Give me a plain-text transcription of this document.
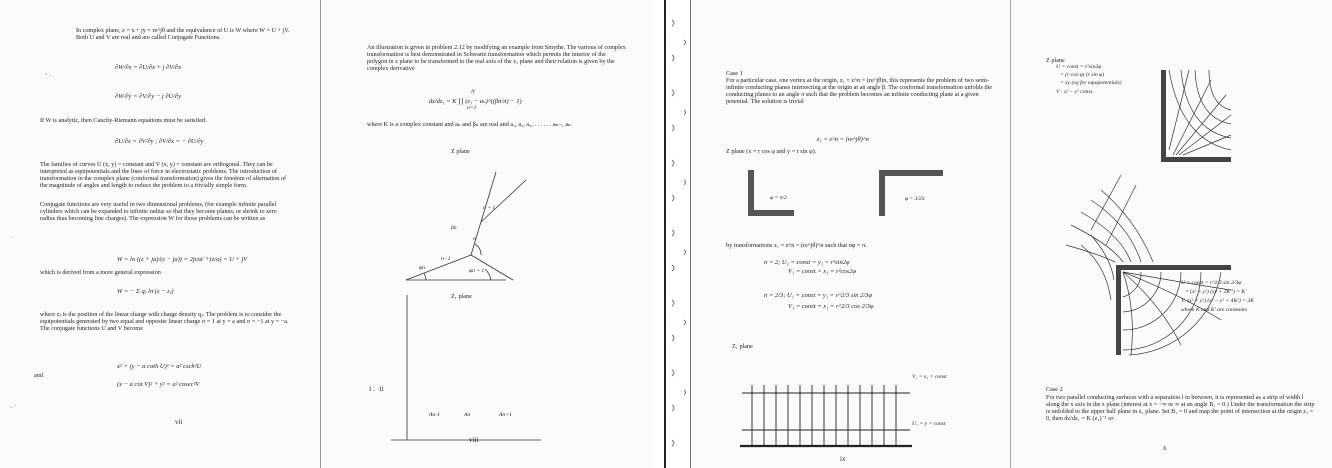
In complex plane, z = x + jy = re^jθ and the equivalence of U is W where W = U + jV. Both U and V are real and are called Conjugate Functions.
∂W/∂x = ∂U/∂x + j ∂V/∂x
∂W/∂y = ∂V/∂y − j ∂U/∂y
If W is analytic, then Cauchy-Riemann equations must be satisfied.
∂U/∂x = ∂V/∂y ; ∂V/∂x = − ∂U/∂y
The families of curves U (x, y) = constant and V (x, y) = constant are orthogonal. They can be interpreted as equipotentials and the lines of force in electrostatic problems. The introduction of transformation in the complex plane (conformal transformation) gives the freedom of alternation of the magnitude of angles and length to reduce the problem to a trivially simple form.
Conjugate functions are very useful in two dimensional problems, (for example infinite parallel cylinders which can be expanded to infinite radius so that they become planes; or shrink to zero radius thus becoming line charges). The expression W for those problems can be written as
W = ln ((z + ja)/(z − ja)) = 2jcot⁻¹ (z/a) = U + jV
which is derived from a more general expression
W = − Σ qⱼ ln (z − zⱼ)
where zⱼ is the position of the linear charge with charge density qⱼ. The problem is to consider the equipotentials generated by two equal and opposite linear charge σ = 1 at y = a and σ = −1 at y = −a. The conjugate functions U and V become
x² + (y − a coth U)² = a² csch²U
and
(x − a cot V)² + y² = a² cosec²V
vii
‘ ·
˙
· ˙
An illustration is given in problem 2.12 by modifying an example from Smythe. The various of complex transformation is best demonstrated in Schwartz transformation which permits the interior of the polygon in z plane to be transformed to the real axis of the z₁ plane and their relation is given by the complex derivative
dz/dz₁ = K ∏ (z₁ − aₙ)^((βn/π) − 1)
N
n=1
where K is a complex constant and aₙ and βₙ are real and a₁, a₂, a₃, . . . . . . aₙ₋₁ aₙ.
Z plane
n + 1
βn
n
n−1
φn	φn + 1
Z₁ plane
An-1	An	An+1
viii
ⅰ ⁚ ·ⅱ
Case 1
For a particular case, one vertex at the origin, z₁ = z^n = (re^jθ)n, this represents the problem of two semi-infinite conducting planes intersecting at the origin at an angle β. The conformal transformation unfolds the conducting planes to an angle π such that the problem becomes an infinite conducting plane at a given potential. The solution is trivial
z₁ = z^n = (re^jθ)^n
Z plane (x = r cos φ and y = r sin φ).
φ = π/2	φ = 3/2π
by transformations z₁ = z^n = (re^jθ)^n such that nφ = π.
n = 2; U₁ = const = y₁ = r²sin2φ
V₁ = const = x₁ = r²cos2φ
n = 2/3; U₁ = const = y₁ = r^2/3 sin 2/3φ
V₁ = const = x₁ = r^2/3 cos 2/3φ
Z₁ plane
V₁ = x₁ = const
U₁ = y = const
ix
Z plane
U = const = r²sin2φ
= (r cos φ) (r sin φ)
= xy (eq for equipotentials)
V : x² − y² const.
U = const = r^2/3 sin 2/3φ
= (x² + y²) (xy + 2K'²) = K'
V: (x² + y²) (x² − y² + 4K²) = 3K
where K and K' are constants
Case 2
For two parallel conducting surfaces with a separation l in between, it is represented as a strip of width l along the x axis in the z plane (interest at x = −∞ or ∞ at an angle B₁ = 0.) Under the transformation the strip is unfolded to the upper half plane in z₁ plane. Set B₁ = 0 and map the point of intersection at the origin z₁ = 0, then dz/dz₁ = K (z₁)⁻¹ or
x
